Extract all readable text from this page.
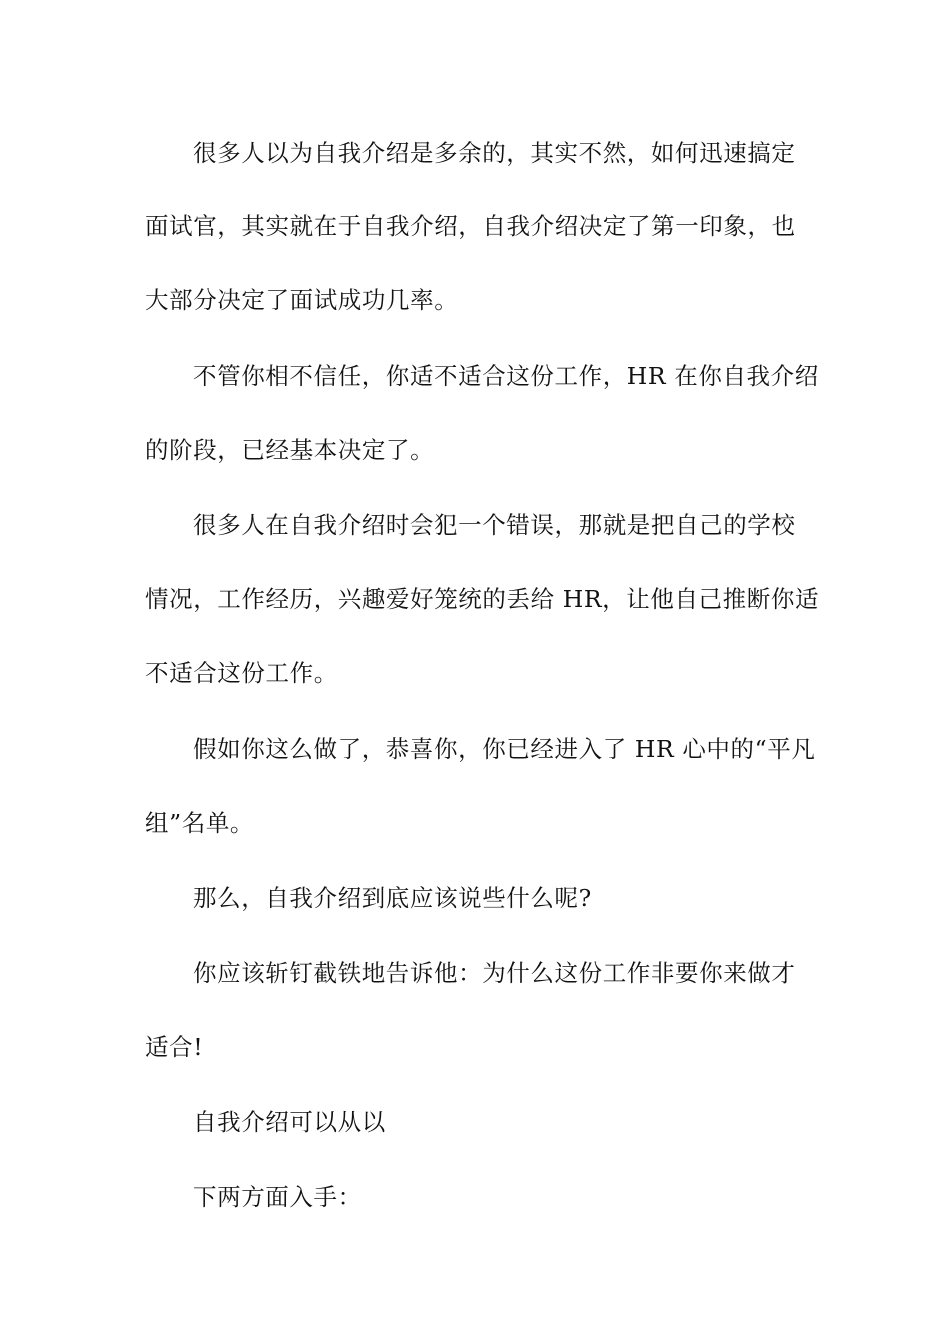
很多人以为自我介绍是多余的，其实不然，如何迅速搞定
面试官，其实就在于自我介绍，自我介绍决定了第一印象，也
大部分决定了面试成功几率。
不管你相不信任，你适不适合这份工作，HR 在你自我介绍
的阶段，已经基本决定了。
很多人在自我介绍时会犯一个错误，那就是把自己的学校
情况，工作经历，兴趣爱好笼统的丢给 HR，让他自己推断你适
不适合这份工作。
假如你这么做了，恭喜你，你已经进入了 HR 心中的“平凡
组”名单。
那么，自我介绍到底应该说些什么呢?
你应该斩钉截铁地告诉他：为什么这份工作非要你来做才
适合!
自我介绍可以从以
下两方面入手：
